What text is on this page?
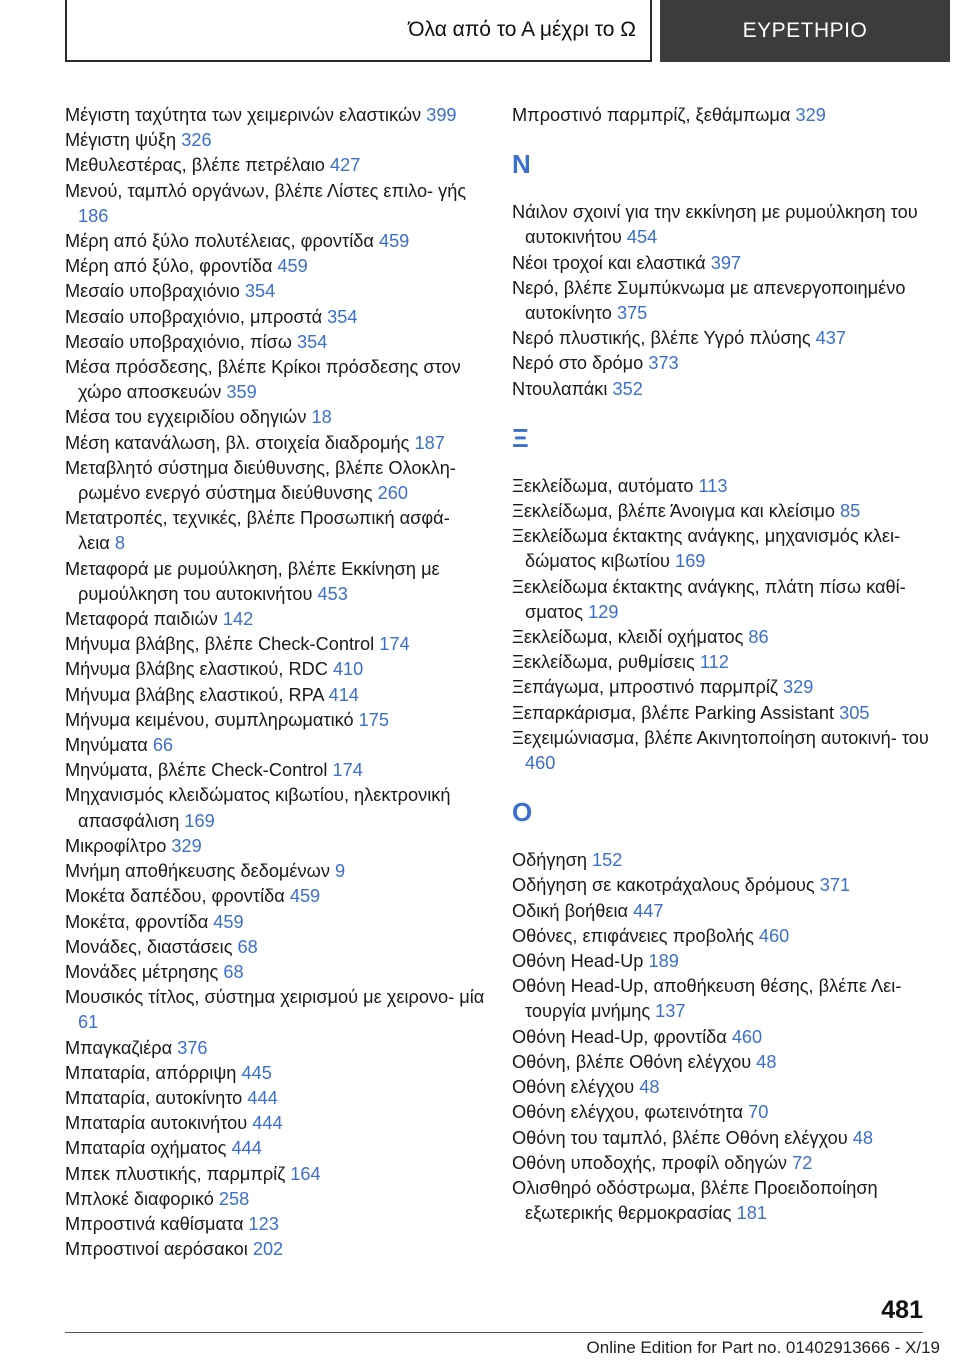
Όλα από το Α μέχρι το Ω	ΕΥΡΕΤΗΡΙΟ
Μέγιστη ταχύτητα των χειμερινών ελαστικών 399
Μέγιστη ψύξη 326
Μεθυλεστέρας, βλέπε πετρέλαιο 427
Μενού, ταμπλό οργάνων, βλέπε Λίστες επιλο- γής 186
Μέρη από ξύλο πολυτέλειας, φροντίδα 459
Μέρη από ξύλο, φροντίδα 459
Μεσαίο υποβραχιόνιο 354
Μεσαίο υποβραχιόνιο, μπροστά 354
Μεσαίο υποβραχιόνιο, πίσω 354
Μέσα πρόσδεσης, βλέπε Κρίκοι πρόσδεσης στον χώρο αποσκευών 359
Μέσα του εγχειριδίου οδηγιών 18
Μέση κατανάλωση, βλ. στοιχεία διαδρομής 187
Μεταβλητό σύστημα διεύθυνσης, βλέπε Ολοκλη- ρωμένο ενεργό σύστημα διεύθυνσης 260
Μετατροπές, τεχνικές, βλέπε Προσωπική ασφά- λεια 8
Μεταφορά με ρυμούλκηση, βλέπε Εκκίνηση με ρυμούλκηση του αυτοκινήτου 453
Μεταφορά παιδιών 142
Μήνυμα βλάβης, βλέπε Check-Control 174
Μήνυμα βλάβης ελαστικού, RDC 410
Μήνυμα βλάβης ελαστικού, RPA 414
Μήνυμα κειμένου, συμπληρωματικό 175
Μηνύματα 66
Μηνύματα, βλέπε Check-Control 174
Μηχανισμός κλειδώματος κιβωτίου, ηλεκτρονική απασφάλιση 169
Μικροφίλτρο 329
Μνήμη αποθήκευσης δεδομένων 9
Μοκέτα δαπέδου, φροντίδα 459
Μοκέτα, φροντίδα 459
Μονάδες, διαστάσεις 68
Μονάδες μέτρησης 68
Μουσικός τίτλος, σύστημα χειρισμού με χειρονο- μία 61
Μπαγκαζιέρα 376
Μπαταρία, απόρριψη 445
Μπαταρία, αυτοκίνητο 444
Μπαταρία αυτοκινήτου 444
Μπαταρία οχήματος 444
Μπεκ πλυστικής, παρμπρίζ 164
Μπλοκέ διαφορικό 258
Μπροστινά καθίσματα 123
Μπροστινοί αερόσακοι 202
Μπροστινό παρμπρίζ, ξεθάμπωμα 329
Ν
Νάιλον σχοινί για την εκκίνηση με ρυμούλκηση του αυτοκινήτου 454
Νέοι τροχοί και ελαστικά 397
Νερό, βλέπε Συμπύκνωμα με απενεργοποιημένο αυτοκίνητο 375
Νερό πλυστικής, βλέπε Υγρό πλύσης 437
Νερό στο δρόμο 373
Ντουλαπάκι 352
Ξ
Ξεκλείδωμα, αυτόματο 113
Ξεκλείδωμα, βλέπε Άνοιγμα και κλείσιμο 85
Ξεκλείδωμα έκτακτης ανάγκης, μηχανισμός κλει- δώματος κιβωτίου 169
Ξεκλείδωμα έκτακτης ανάγκης, πλάτη πίσω καθί- σματος 129
Ξεκλείδωμα, κλειδί οχήματος 86
Ξεκλείδωμα, ρυθμίσεις 112
Ξεπάγωμα, μπροστινό παρμπρίζ 329
Ξεπαρκάρισμα, βλέπε Parking Assistant 305
Ξεχειμώνιασμα, βλέπε Ακινητοποίηση αυτοκινή- του 460
Ο
Οδήγηση 152
Οδήγηση σε κακοτράχαλους δρόμους 371
Οδική βοήθεια 447
Οθόνες, επιφάνειες προβολής 460
Οθόνη Head-Up 189
Οθόνη Head-Up, αποθήκευση θέσης, βλέπε Λει- τουργία μνήμης 137
Οθόνη Head-Up, φροντίδα 460
Οθόνη, βλέπε Οθόνη ελέγχου 48
Οθόνη ελέγχου 48
Οθόνη ελέγχου, φωτεινότητα 70
Οθόνη του ταμπλό, βλέπε Οθόνη ελέγχου 48
Οθόνη υποδοχής, προφίλ οδηγών 72
Ολισθηρό οδόστρωμα, βλέπε Προειδοποίηση εξωτερικής θερμοκρασίας 181
481
Online Edition for Part no. 01402913666 - X/19
